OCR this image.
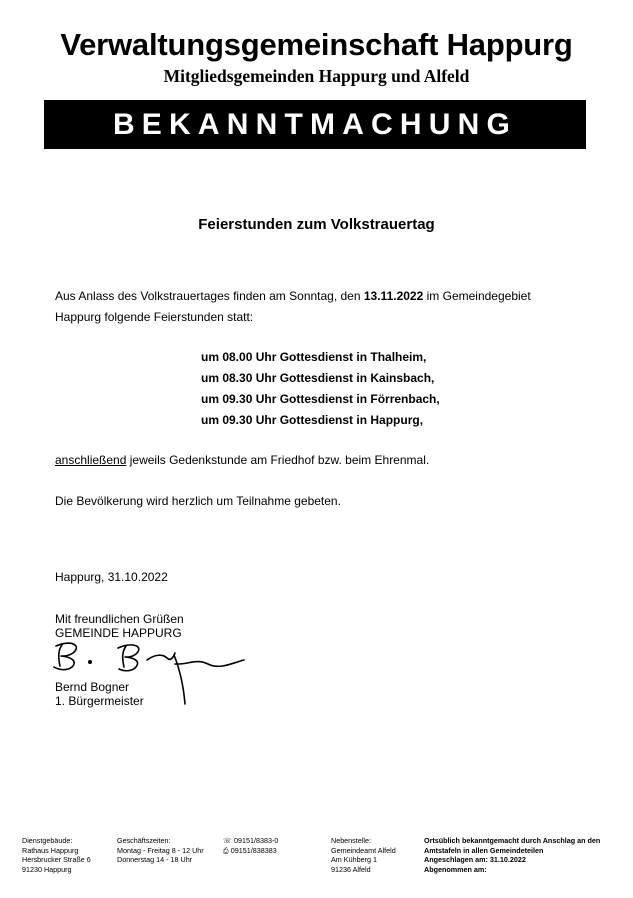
Verwaltungsgemeinschaft Happurg
Mitgliedsgemeinden Happurg und Alfeld
BEKANNTMACHUNG
Feierstunden zum Volkstrauertag
Aus Anlass des Volkstrauertages finden am Sonntag, den 13.11.2022 im Gemeindegebiet
Happurg folgende Feierstunden statt:
um 08.00 Uhr Gottesdienst in Thalheim,
um 08.30 Uhr Gottesdienst in Kainsbach,
um 09.30 Uhr Gottesdienst in Förrenbach,
um 09.30 Uhr Gottesdienst in Happurg,
anschließend jeweils Gedenkstunde am Friedhof bzw. beim Ehrenmal.
Die Bevölkerung wird herzlich um Teilnahme gebeten.
Happurg, 31.10.2022
Mit freundlichen Grüßen
GEMEINDE HAPPURG
Bernd Bogner
1. Bürgermeister
Dienstgebäude:
Rathaus Happurg
Hersbrucker Straße 6
91230 Happurg
Geschäftszeiten:
Montag - Freitag 8 - 12 Uhr
Donnerstag 14 - 18 Uhr
☏ 09151/8383-0
⎙ 09151/838383
Nebenstelle:
Gemeindeamt Alfeld
Am Kühberg 1
91236 Alfeld
Ortsüblich bekanntgemacht durch Anschlag an den
Amtstafeln in allen Gemeindeteilen
Angeschlagen am: 31.10.2022
Abgenommen am:
